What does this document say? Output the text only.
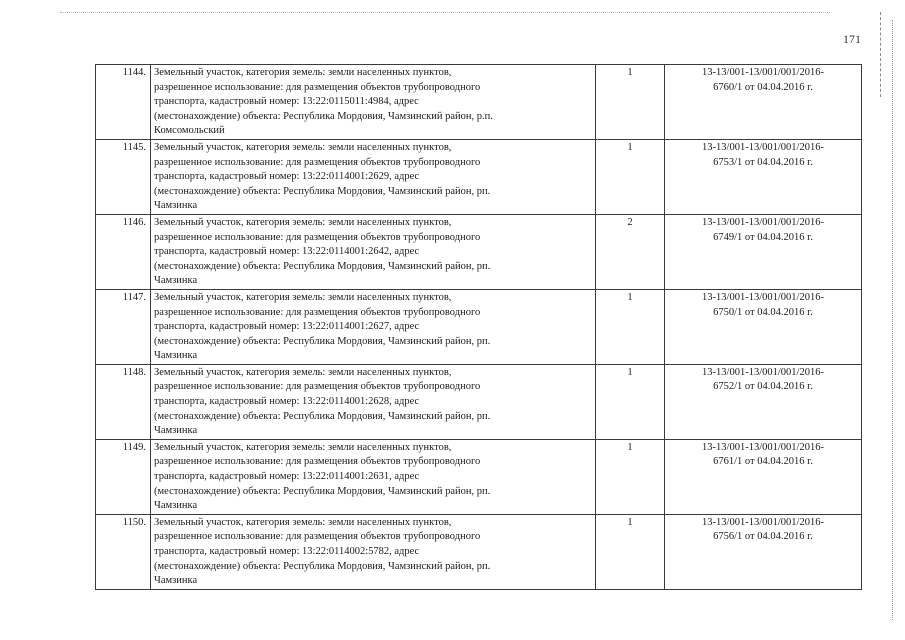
171
1144.	Земельный участок, категория земель: земли населенных пунктов,
разрешенное использование: для размещения объектов трубопроводного
транспорта, кадастровый номер: 13:22:0115011:4984, адрес
(местонахождение) объекта: Республика Мордовия, Чамзинский район, р.п.
Комсомольский	1	13-13/001-13/001/001/2016-
6760/1 от 04.04.2016 г.

1145.	Земельный участок, категория земель: земли населенных пунктов,
разрешенное использование: для размещения объектов трубопроводного
транспорта, кадастровый номер: 13:22:0114001:2629, адрес
(местонахождение) объекта: Республика Мордовия, Чамзинский район, рп.
Чамзинка	1	13-13/001-13/001/001/2016-
6753/1 от 04.04.2016 г.

1146.	Земельный участок, категория земель: земли населенных пунктов,
разрешенное использование: для размещения объектов трубопроводного
транспорта, кадастровый номер: 13:22:0114001:2642, адрес
(местонахождение) объекта: Республика Мордовия, Чамзинский район, рп.
Чамзинка	2	13-13/001-13/001/001/2016-
6749/1 от 04.04.2016 г.

1147.	Земельный участок, категория земель: земли населенных пунктов,
разрешенное использование: для размещения объектов трубопроводного
транспорта, кадастровый номер: 13:22:0114001:2627, адрес
(местонахождение) объекта: Республика Мордовия, Чамзинский район, рп.
Чамзинка	1	13-13/001-13/001/001/2016-
6750/1 от 04.04.2016 г.

1148.	Земельный участок, категория земель: земли населенных пунктов,
разрешенное использование: для размещения объектов трубопроводного
транспорта, кадастровый номер: 13:22:0114001:2628, адрес
(местонахождение) объекта: Республика Мордовия, Чамзинский район, рп.
Чамзинка	1	13-13/001-13/001/001/2016-
6752/1 от 04.04.2016 г.

1149.	Земельный участок, категория земель: земли населенных пунктов,
разрешенное использование: для размещения объектов трубопроводного
транспорта, кадастровый номер: 13:22:0114001:2631, адрес
(местонахождение) объекта: Республика Мордовия, Чамзинский район, рп.
Чамзинка	1	13-13/001-13/001/001/2016-
6761/1 от 04.04.2016 г.

1150.	Земельный участок, категория земель: земли населенных пунктов,
разрешенное использование: для размещения объектов трубопроводного
транспорта, кадастровый номер: 13:22:0114002:5782, адрес
(местонахождение) объекта: Республика Мордовия, Чамзинский район, рп.
Чамзинка	1	13-13/001-13/001/001/2016-
6756/1 от 04.04.2016 г.
